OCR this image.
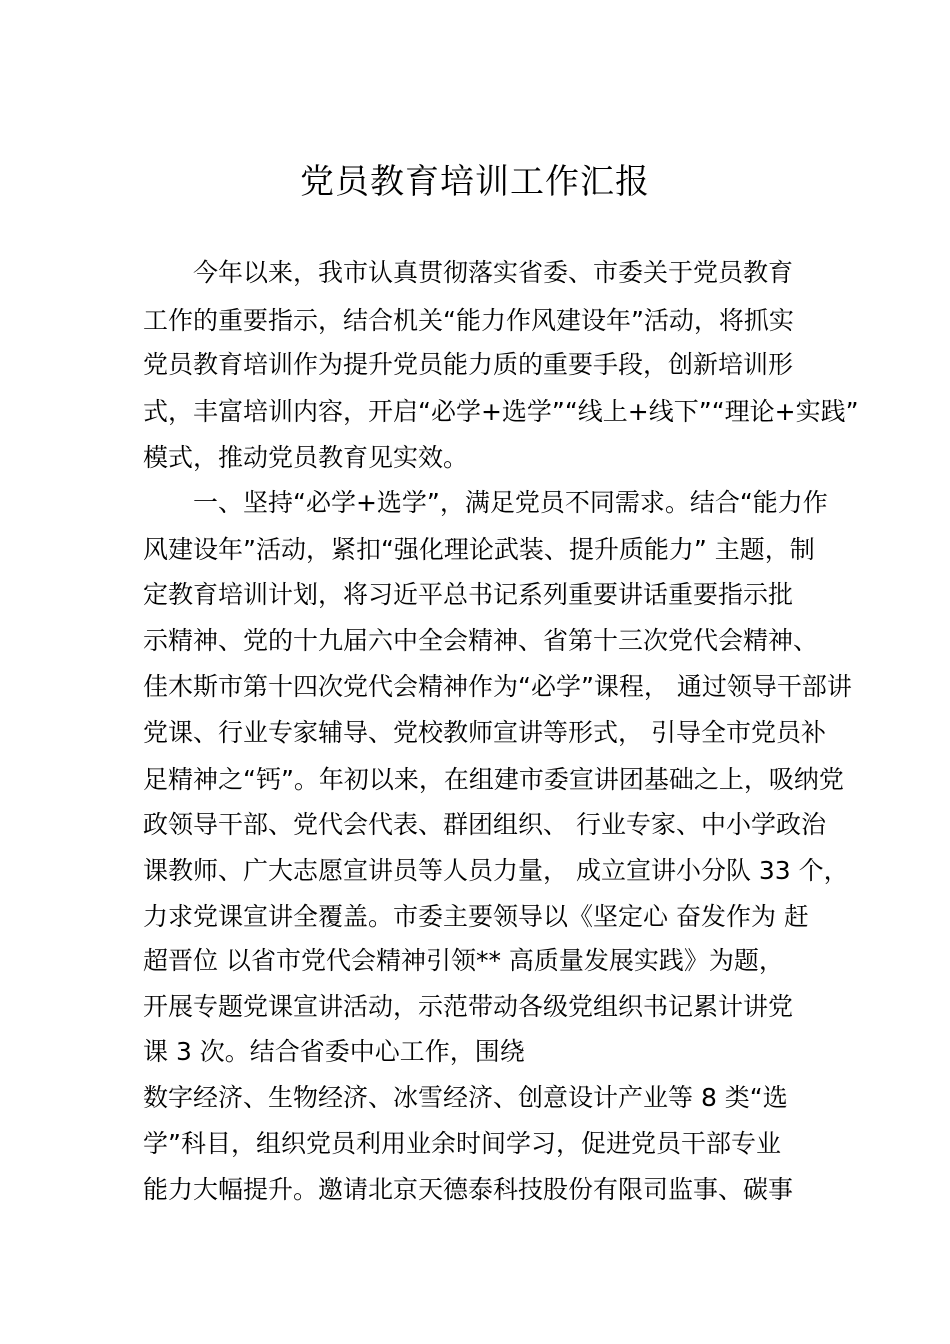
党员教育培训工作汇报
今年以来，我市认真贯彻落实省委、市委关于党员教育
工作的重要指示，结合机关“能力作风建设年”活动，将抓实
党员教育培训作为提升党员能力质的重要手段，创新培训形
式，丰富培训内容，开启“必学+选学”“线上+线下”“理论+实践”
模式，推动党员教育见实效。
一、坚持“必学+选学”，满足党员不同需求。结合“能力作
风建设年”活动，紧扣“强化理论武装、提升质能力” 主题，制
定教育培训计划，将习近平总书记系列重要讲话重要指示批
示精神、党的十九届六中全会精神、省第十三次党代会精神、
佳木斯市第十四次党代会精神作为“必学”课程， 通过领导干部讲
党课、行业专家辅导、党校教师宣讲等形式， 引导全市党员补
足精神之“钙”。年初以来，在组建市委宣讲团基础之上，吸纳党
政领导干部、党代会代表、群团组织、 行业专家、中小学政治
课教师、广大志愿宣讲员等人员力量， 成立宣讲小分队 33 个，
力求党课宣讲全覆盖。市委主要领导以《坚定心 奋发作为 赶
超晋位 以省市党代会精神引领** 高质量发展实践》为题，
开展专题党课宣讲活动，示范带动各级党组织书记累计讲党
课 3 次。结合省委中心工作，围绕
数字经济、生物经济、冰雪经济、创意设计产业等 8 类“选
学”科目，组织党员利用业余时间学习，促进党员干部专业
能力大幅提升。邀请北京天德泰科技股份有限司监事、碳事
